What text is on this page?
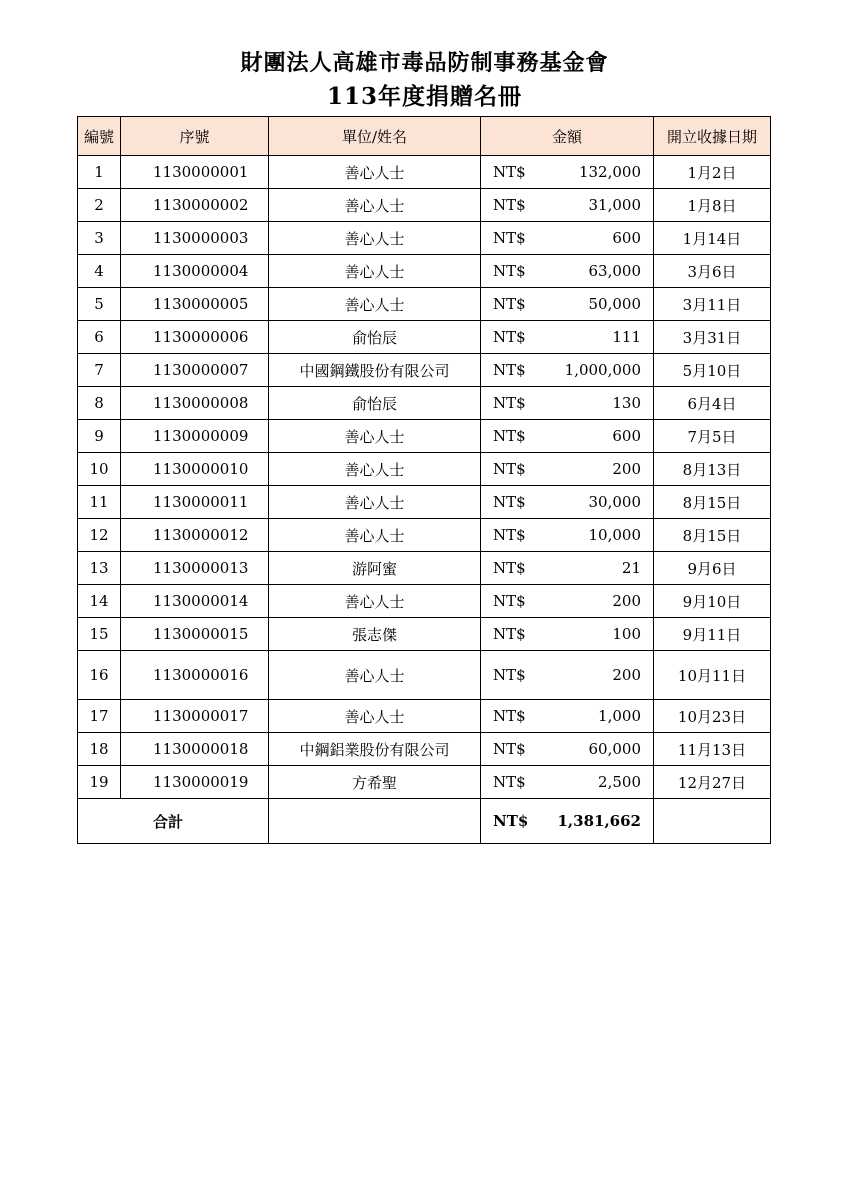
財團法人高雄市毒品防制事務基金會
113年度捐贈名冊
編號	序號	單位/姓名	金額	開立收據日期
1	1130000001	善心人士	NT$ 132,000	1月2日
2	1130000002	善心人士	NT$ 31,000	1月8日
3	1130000003	善心人士	NT$ 600	1月14日
4	1130000004	善心人士	NT$ 63,000	3月6日
5	1130000005	善心人士	NT$ 50,000	3月11日
6	1130000006	俞怡辰	NT$ 111	3月31日
7	1130000007	中國鋼鐵股份有限公司	NT$ 1,000,000	5月10日
8	1130000008	俞怡辰	NT$ 130	6月4日
9	1130000009	善心人士	NT$ 600	7月5日
10	1130000010	善心人士	NT$ 200	8月13日
11	1130000011	善心人士	NT$ 30,000	8月15日
12	1130000012	善心人士	NT$ 10,000	8月15日
13	1130000013	游阿蜜	NT$ 21	9月6日
14	1130000014	善心人士	NT$ 200	9月10日
15	1130000015	張志傑	NT$ 100	9月11日
16	1130000016	善心人士	NT$ 200	10月11日
17	1130000017	善心人士	NT$ 1,000	10月23日
18	1130000018	中鋼鋁業股份有限公司	NT$ 60,000	11月13日
19	1130000019	方希聖	NT$ 2,500	12月27日
合計			NT$ 1,381,662	
